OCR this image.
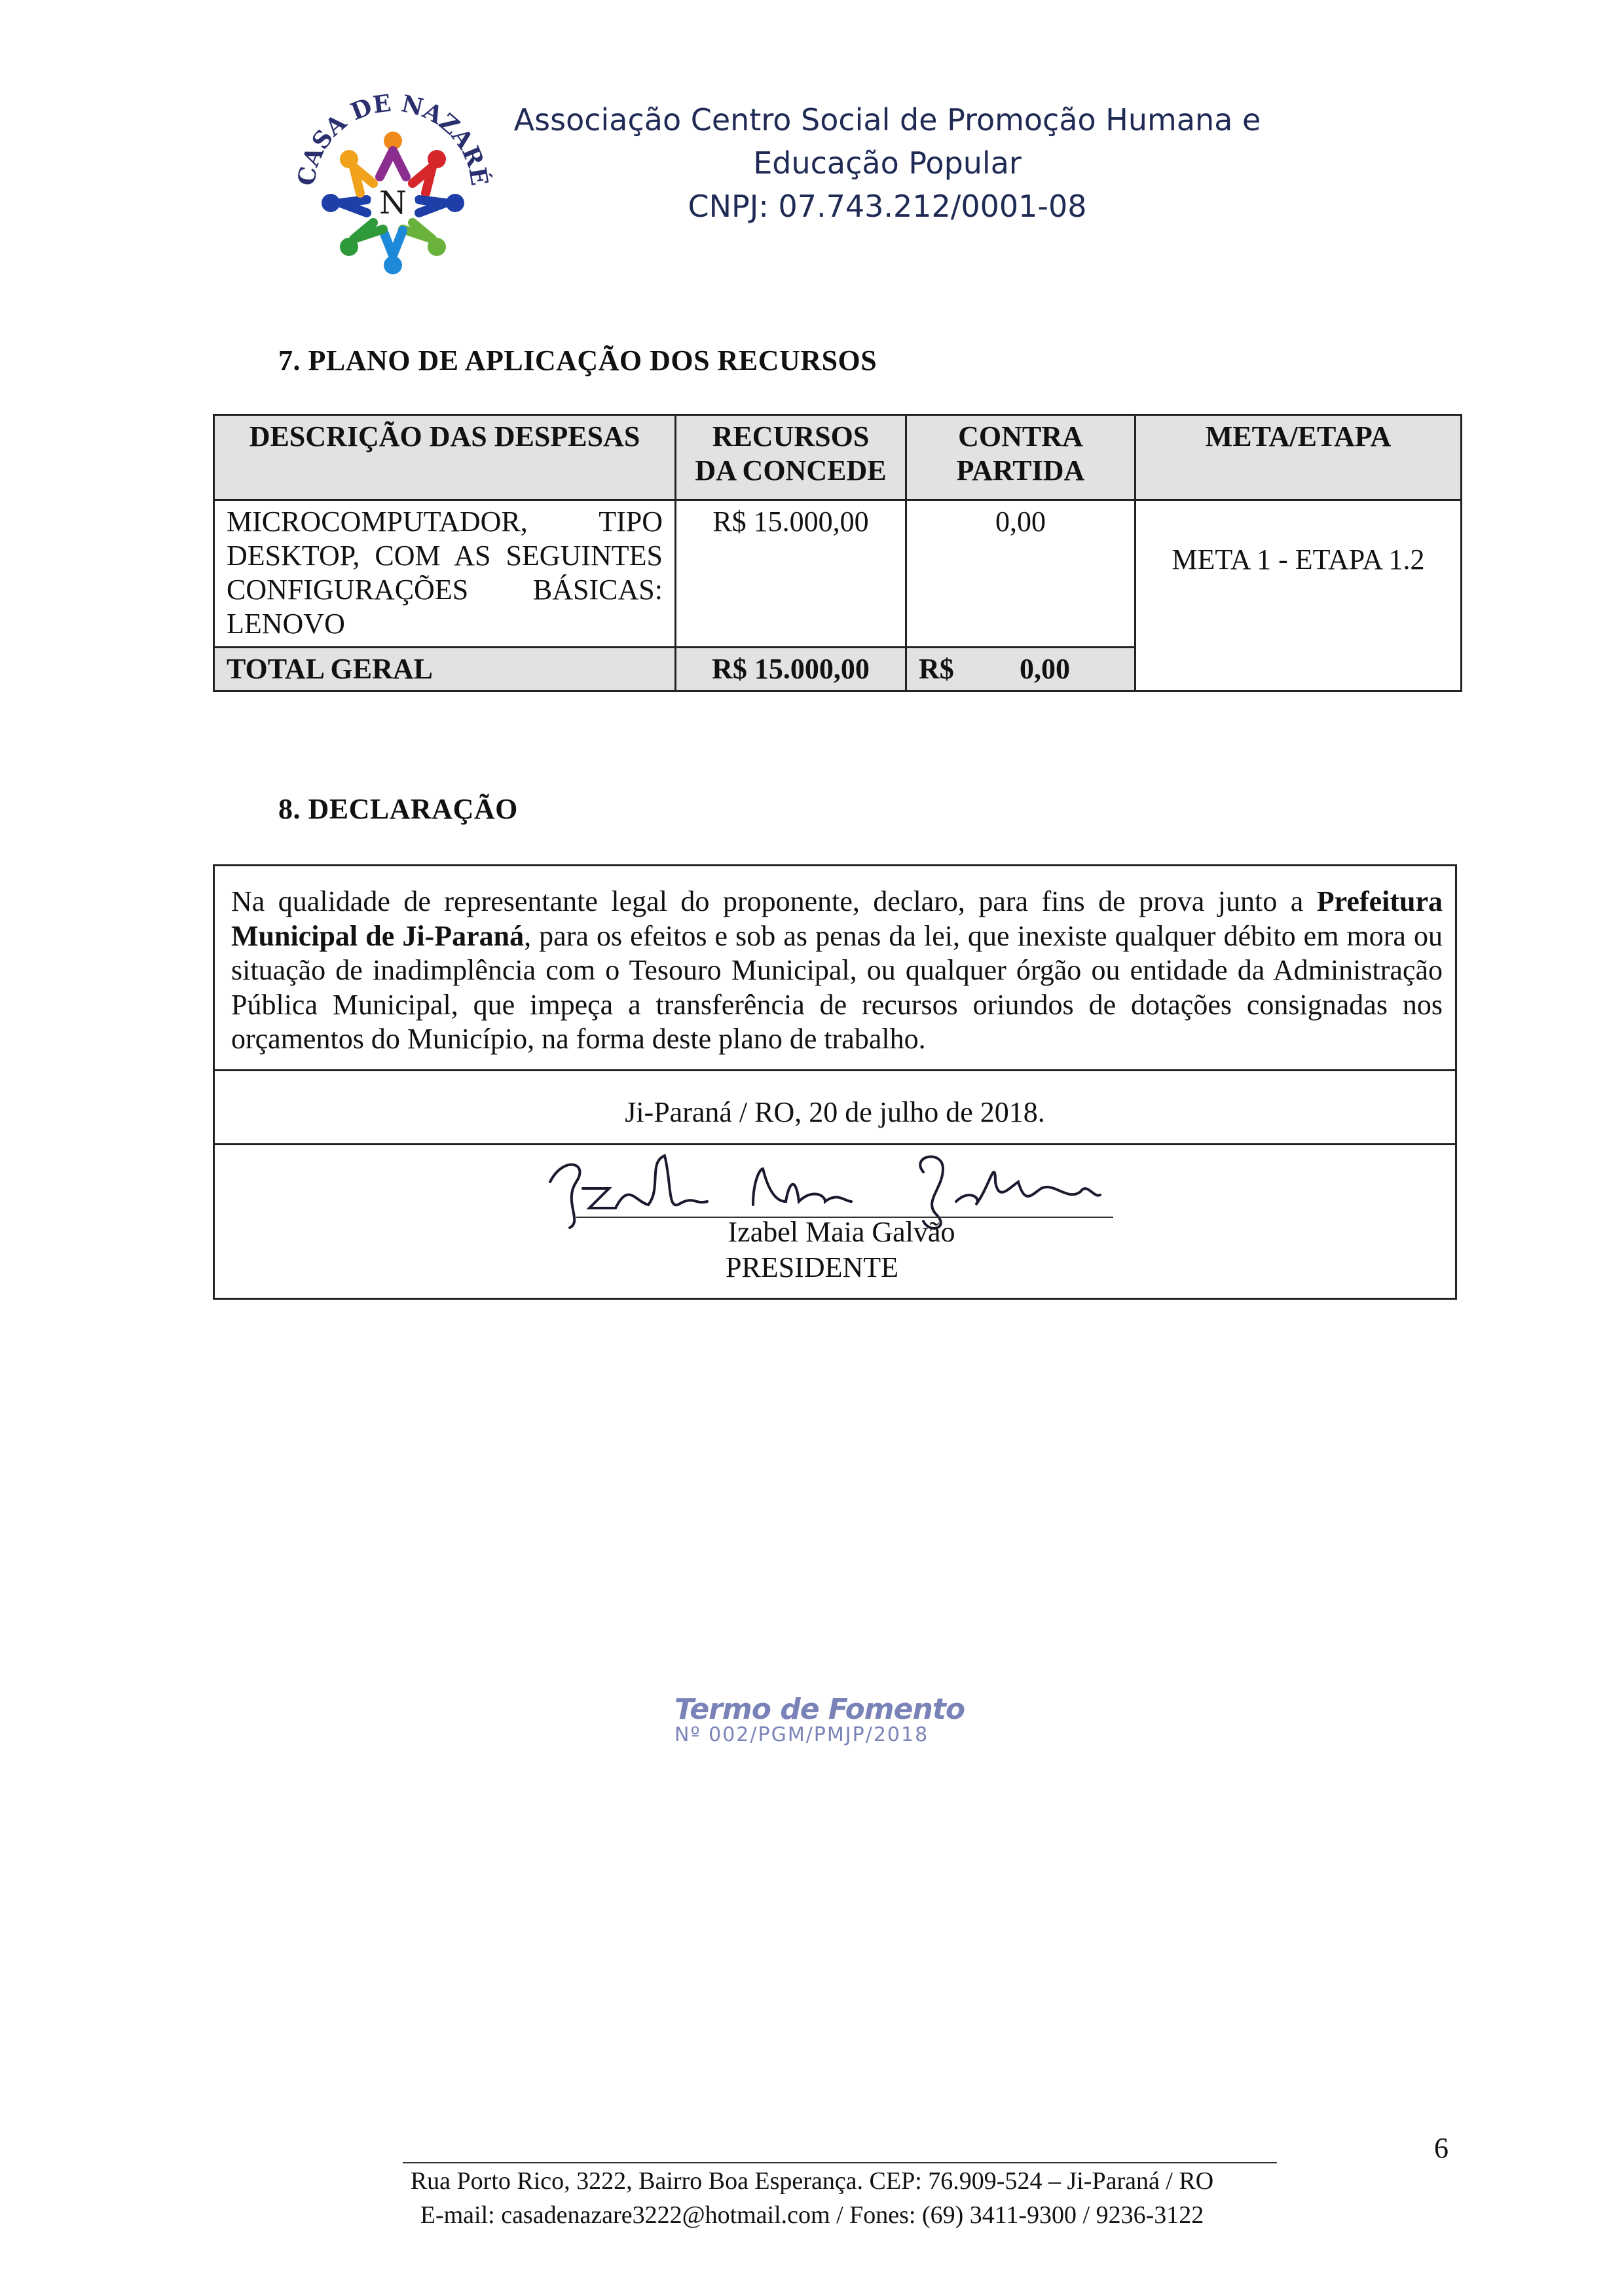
CASA DE NAZARÉ
N
Associação Centro Social de Promoção Humana e
Educação Popular
CNPJ: 07.743.212/0001-08
7. PLANO DE APLICAÇÃO DOS RECURSOS
DESCRIÇÃO DAS DESPESAS	RECURSOS DA CONCEDE	CONTRA PARTIDA	META/ETAPA
MICROCOMPUTADOR, TIPO DESKTOP, COM AS SEGUINTES CONFIGURAÇÕES BÁSICAS: LENOVO	R$ 15.000,00	0,00	META 1 - ETAPA 1.2
TOTAL GERAL	R$ 15.000,00	R$ 0,00	
8. DECLARAÇÃO
Na qualidade de representante legal do proponente, declaro, para fins de prova junto a Prefeitura Municipal de Ji-Paraná, para os efeitos e sob as penas da lei, que inexiste qualquer débito em mora ou situação de inadimplência com o Tesouro Municipal, ou qualquer órgão ou entidade da Administração Pública Municipal, que impeça a transferência de recursos oriundos de dotações consignadas nos orçamentos do Município, na forma deste plano de trabalho.
Ji-Paraná / RO, 20 de julho de 2018.
Izabel Maia Galvão
PRESIDENTE
Termo de Fomento
Nº 002/PGM/PMJP/2018
6
Rua Porto Rico, 3222, Bairro Boa Esperança. CEP: 76.909-524 – Ji-Paraná / RO
E-mail: casadenazare3222@hotmail.com / Fones: (69) 3411-9300 / 9236-3122
